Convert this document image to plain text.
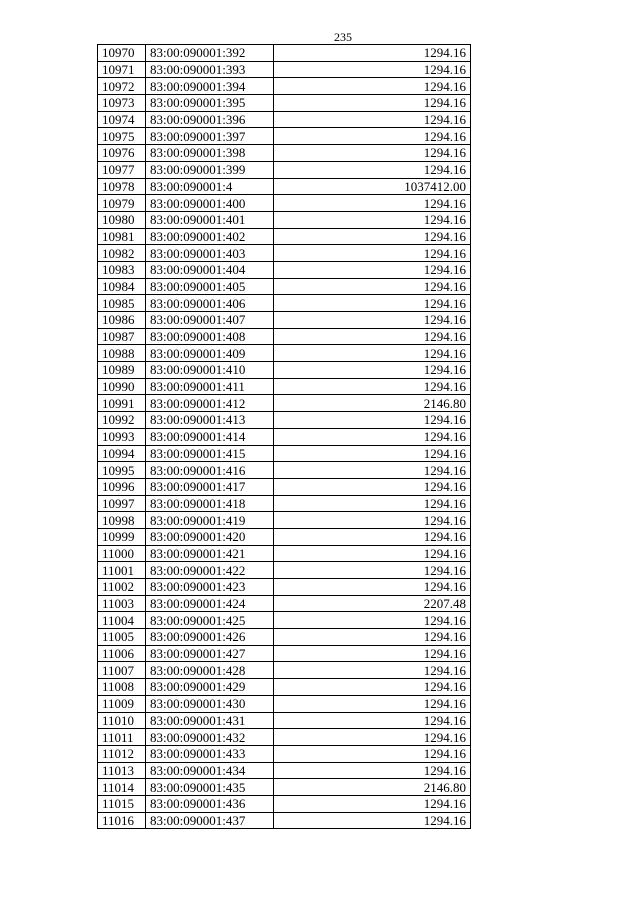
235
10970	83:00:090001:392	1294.16
10971	83:00:090001:393	1294.16
10972	83:00:090001:394	1294.16
10973	83:00:090001:395	1294.16
10974	83:00:090001:396	1294.16
10975	83:00:090001:397	1294.16
10976	83:00:090001:398	1294.16
10977	83:00:090001:399	1294.16
10978	83:00:090001:4	1037412.00
10979	83:00:090001:400	1294.16
10980	83:00:090001:401	1294.16
10981	83:00:090001:402	1294.16
10982	83:00:090001:403	1294.16
10983	83:00:090001:404	1294.16
10984	83:00:090001:405	1294.16
10985	83:00:090001:406	1294.16
10986	83:00:090001:407	1294.16
10987	83:00:090001:408	1294.16
10988	83:00:090001:409	1294.16
10989	83:00:090001:410	1294.16
10990	83:00:090001:411	1294.16
10991	83:00:090001:412	2146.80
10992	83:00:090001:413	1294.16
10993	83:00:090001:414	1294.16
10994	83:00:090001:415	1294.16
10995	83:00:090001:416	1294.16
10996	83:00:090001:417	1294.16
10997	83:00:090001:418	1294.16
10998	83:00:090001:419	1294.16
10999	83:00:090001:420	1294.16
11000	83:00:090001:421	1294.16
11001	83:00:090001:422	1294.16
11002	83:00:090001:423	1294.16
11003	83:00:090001:424	2207.48
11004	83:00:090001:425	1294.16
11005	83:00:090001:426	1294.16
11006	83:00:090001:427	1294.16
11007	83:00:090001:428	1294.16
11008	83:00:090001:429	1294.16
11009	83:00:090001:430	1294.16
11010	83:00:090001:431	1294.16
11011	83:00:090001:432	1294.16
11012	83:00:090001:433	1294.16
11013	83:00:090001:434	1294.16
11014	83:00:090001:435	2146.80
11015	83:00:090001:436	1294.16
11016	83:00:090001:437	1294.16
